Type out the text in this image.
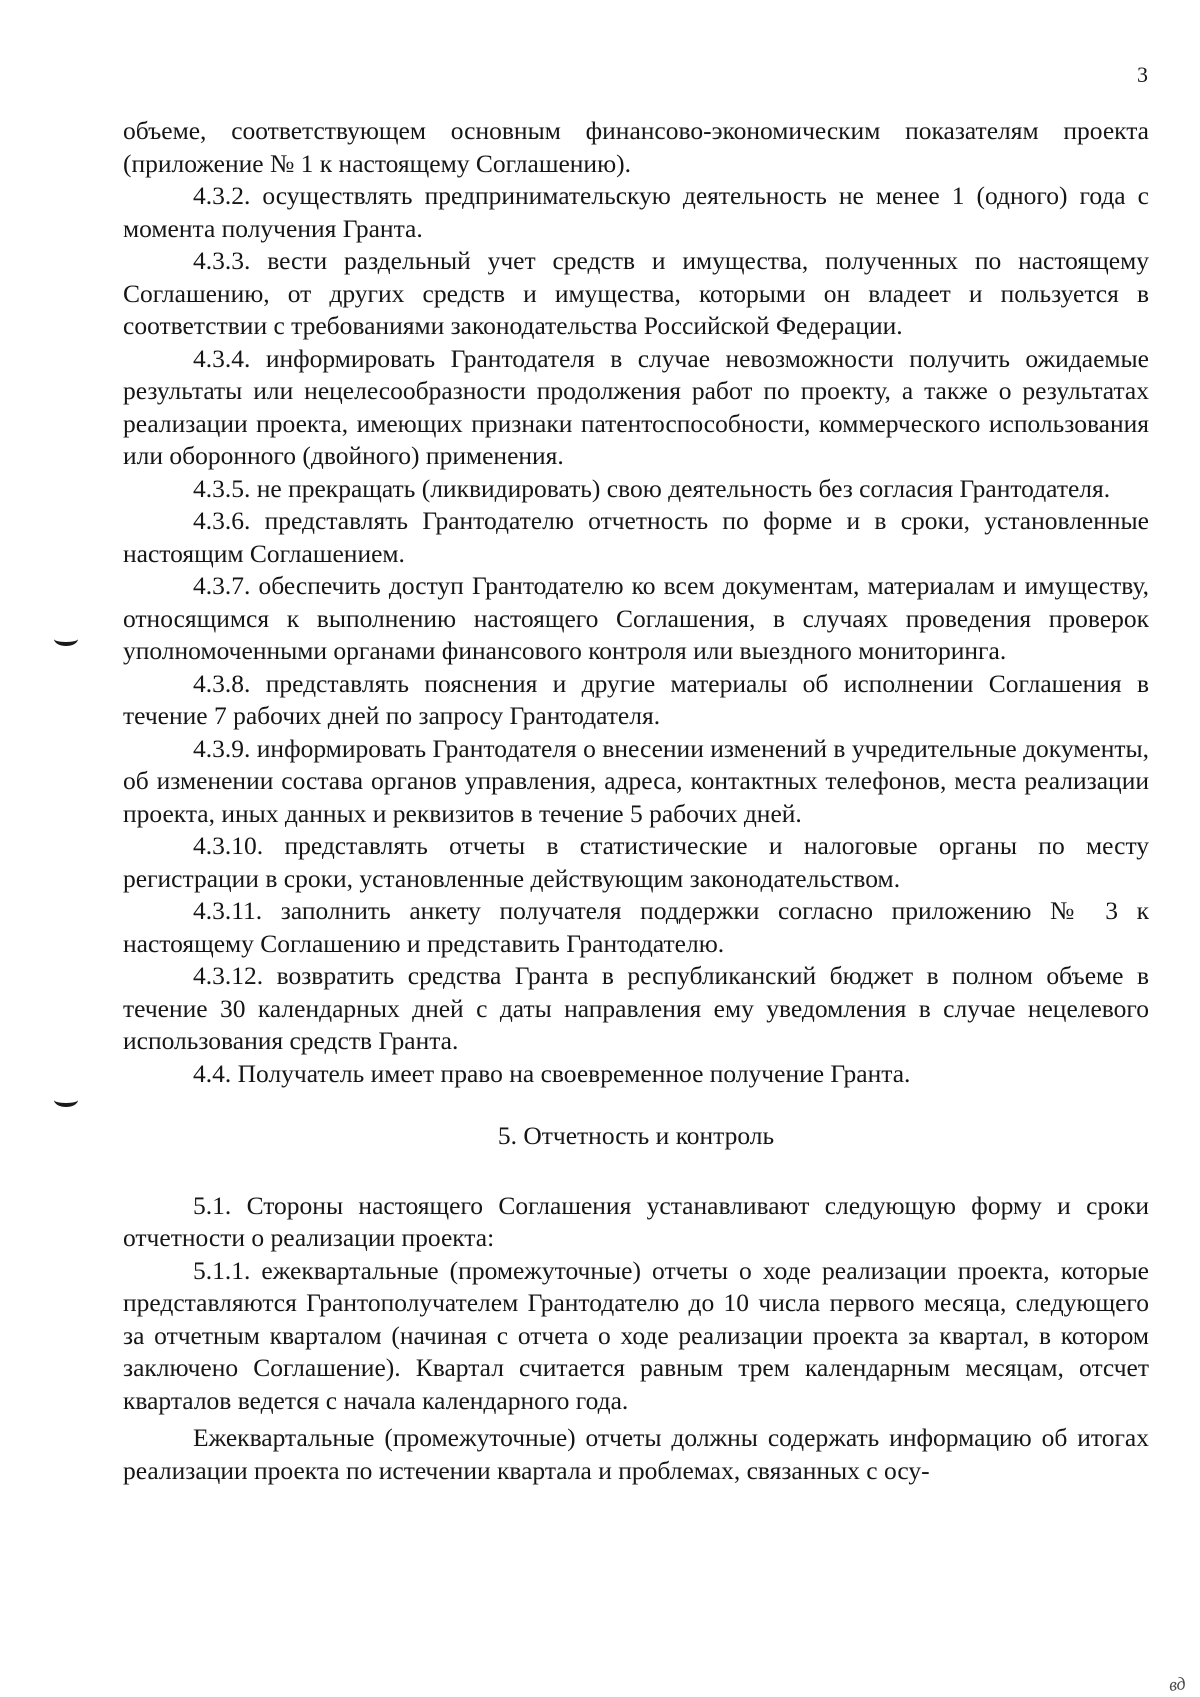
3

объеме, соответствующем основным финансово-экономическим показателям проекта (приложение № 1 к настоящему Соглашению).

4.3.2. осуществлять предпринимательскую деятельность не менее 1 (одного) года с момента получения Гранта.

4.3.3. вести раздельный учет средств и имущества, полученных по настоящему Соглашению, от других средств и имущества, которыми он владеет и пользуется в соответствии с требованиями законодательства Российской Федерации.

4.3.4. информировать Грантодателя в случае невозможности получить ожидаемые результаты или нецелесообразности продолжения работ по проекту, а также о результатах реализации проекта, имеющих признаки патентоспособности, коммерческого использования или оборонного (двойного) применения.

4.3.5. не прекращать (ликвидировать) свою деятельность без согласия Грантодателя.

4.3.6. представлять Грантодателю отчетность по форме и в сроки, установленные настоящим Соглашением.

4.3.7. обеспечить доступ Грантодателю ко всем документам, материалам и имуществу, относящимся к выполнению настоящего Соглашения, в случаях проведения проверок уполномоченными органами финансового контроля или выездного мониторинга.

4.3.8. представлять пояснения и другие материалы об исполнении Соглашения в течение 7 рабочих дней по запросу Грантодателя.

4.3.9. информировать Грантодателя о внесении изменений в учредительные документы, об изменении состава органов управления, адреса, контактных телефонов, места реализации проекта, иных данных и реквизитов в течение 5 рабочих дней.

4.3.10. представлять отчеты в статистические и налоговые органы по месту регистрации в сроки, установленные действующим законодательством.

4.3.11. заполнить анкету получателя поддержки согласно приложению № 3 к настоящему Соглашению и представить Грантодателю.

4.3.12. возвратить средства Гранта в республиканский бюджет в полном объеме в течение 30 календарных дней с даты направления ему уведомления в случае нецелевого использования средств Гранта.

4.4. Получатель имеет право на своевременное получение Гранта.

5. Отчетность и контроль

5.1. Стороны настоящего Соглашения устанавливают следующую форму и сроки отчетности о реализации проекта:

5.1.1. ежеквартальные (промежуточные) отчеты о ходе реализации проекта, которые представляются Грантополучателем Грантодателю до 10 числа первого месяца, следующего за отчетным кварталом (начиная с отчета о ходе реализации проекта за квартал, в котором заключено Соглашение). Квартал считается равным трем календарным месяцам, отсчет кварталов ведется с начала календарного года.

Ежеквартальные (промежуточные) отчеты должны содержать информацию об итогах реализации проекта по истечении квартала и проблемах, связанных с осу-

вд
